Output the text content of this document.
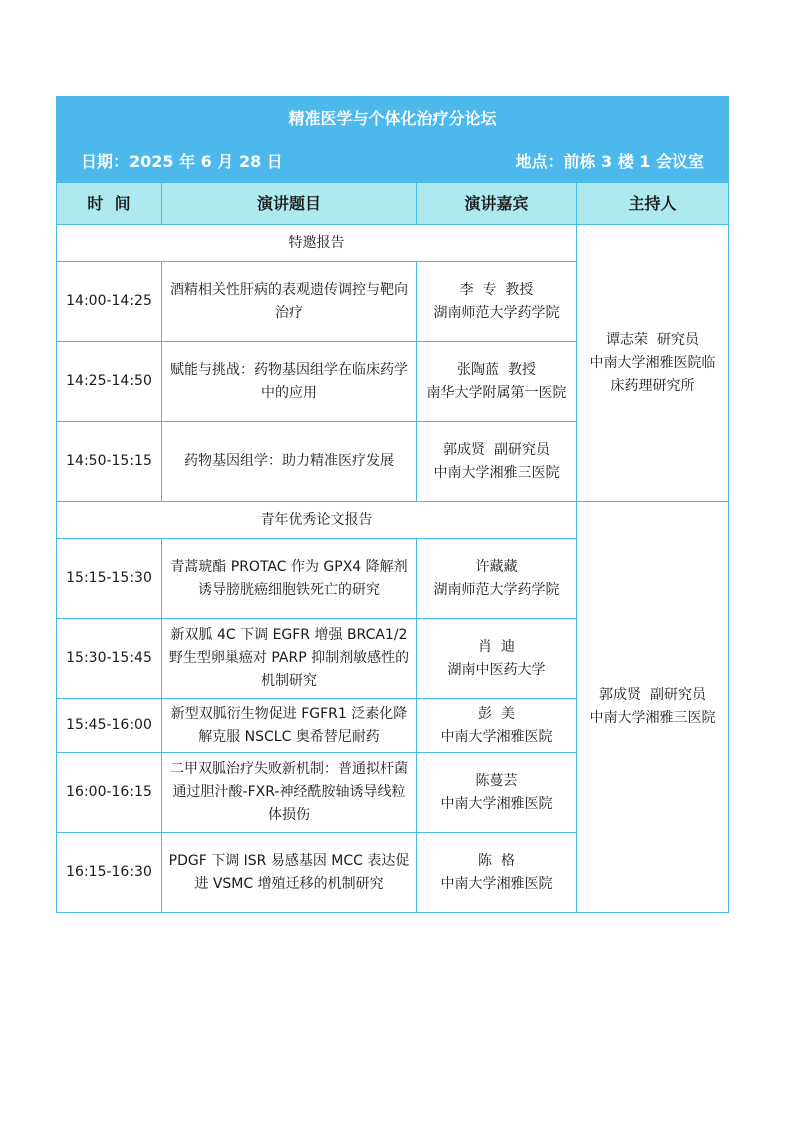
精准医学与个体化治疗分论坛			

日期：2025 年 6 月 28 日 地点：前栋 3 楼 1 会议室			

时  间	演讲题目	演讲嘉宾	主持人
特邀报告			谭志荣  研究员
中南大学湘雅医院临床药理研究所

14:00-14:25	酒精相关性肝病的表观遗传调控与靶向治疗	李  专  教授
湖南师范大学药学院	

14:25-14:50	赋能与挑战：药物基因组学在临床药学中的应用	张陶蓝  教授
南华大学附属第一医院	

14:50-15:15	药物基因组学：助力精准医疗发展	郭成贤  副研究员
中南大学湘雅三医院	

青年优秀论文报告			郭成贤  副研究员
中南大学湘雅三医院

15:15-15:30	青蒿琥酯 PROTAC 作为 GPX4 降解剂诱导膀胱癌细胞铁死亡的研究	许藏藏
湖南师范大学药学院	

15:30-15:45	新双胍 4C 下调 EGFR 增强 BRCA1/2 野生型卵巢癌对 PARP 抑制剂敏感性的机制研究	肖  迪
湖南中医药大学	

15:45-16:00	新型双胍衍生物促进 FGFR1 泛素化降解克服 NSCLC 奥希替尼耐药	彭  美
中南大学湘雅医院	

16:00-16:15	二甲双胍治疗失败新机制：普通拟杆菌通过胆汁酸-FXR-神经酰胺轴诱导线粒体损伤	陈蔓芸
中南大学湘雅医院	

16:15-16:30	PDGF 下调 ISR 易感基因 MCC 表达促进 VSMC 增殖迁移的机制研究	陈  格
中南大学湘雅医院	
